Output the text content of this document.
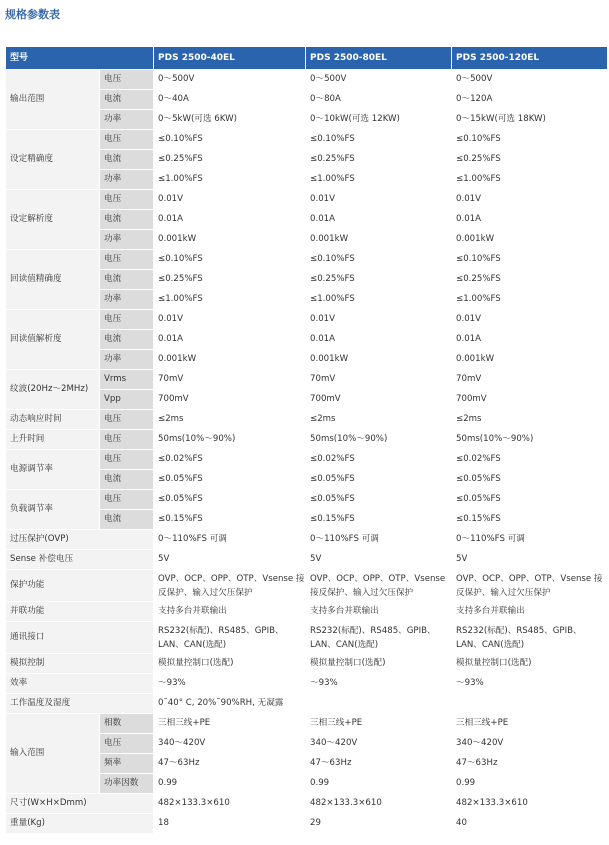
规格参数表
型号		PDS 2500-40EL	PDS 2500-80EL	PDS 2500-120EL
输出范围	电压	0～500V	0～500V	0～500V
	电流	0～40A	0～80A	0～120A
	功率	0～5kW(可选 6KW)	0～10kW(可选 12KW)	0～15kW(可选 18KW)
设定精确度	电压	≤0.10%FS	≤0.10%FS	≤0.10%FS
	电流	≤0.25%FS	≤0.25%FS	≤0.25%FS
	功率	≤1.00%FS	≤1.00%FS	≤1.00%FS
设定解析度	电压	0.01V	0.01V	0.01V
	电流	0.01A	0.01A	0.01A
	功率	0.001kW	0.001kW	0.001kW
回读值精确度	电压	≤0.10%FS	≤0.10%FS	≤0.10%FS
	电流	≤0.25%FS	≤0.25%FS	≤0.25%FS
	功率	≤1.00%FS	≤1.00%FS	≤1.00%FS
回读值解析度	电压	0.01V	0.01V	0.01V
	电流	0.01A	0.01A	0.01A
	功率	0.001kW	0.001kW	0.001kW
纹波(20Hz～2MHz)	Vrms	70mV	70mV	70mV
	Vpp	700mV	700mV	700mV
动态响应时间	电压	≤2ms	≤2ms	≤2ms
上升时间	电压	50ms(10%～90%)	50ms(10%～90%)	50ms(10%～90%)
电源调节率	电压	≤0.02%FS	≤0.02%FS	≤0.02%FS
	电流	≤0.05%FS	≤0.05%FS	≤0.05%FS
负载调节率	电压	≤0.05%FS	≤0.05%FS	≤0.05%FS
	电流	≤0.15%FS	≤0.15%FS	≤0.15%FS
过压保护(OVP)		0～110%FS 可调	0～110%FS 可调	0～110%FS 可调
Sense 补偿电压		5V	5V	5V
保护功能		OVP、OCP、OPP、OTP、Vsense 接反保护、输入过欠压保护	OVP、OCP、OPP、OTP、Vsense 接反保护、输入过欠压保护	OVP、OCP、OPP、OTP、Vsense 接反保护、输入过欠压保护
并联功能		支持多台并联输出	支持多台并联输出	支持多台并联输出
通讯接口		RS232(标配)、RS485、GPIB、LAN、CAN(选配)	RS232(标配)、RS485、GPIB、LAN、CAN(选配)	RS232(标配)、RS485、GPIB、LAN、CAN(选配)
模拟控制		模拟量控制口(选配)	模拟量控制口(选配)	模拟量控制口(选配)
效率		～93%	～93%	～93%
工作温度及湿度		0˜40° C, 20%˜90%RH, 无凝露		
输入范围	相数	三相三线+PE	三相三线+PE	三相三线+PE
	电压	340～420V	340～420V	340～420V
	频率	47～63Hz	47～63Hz	47～63Hz
	功率因数	0.99	0.99	0.99
尺寸(W×H×Dmm)		482×133.3×610	482×133.3×610	482×133.3×610
重量(Kg)		18	29	40
